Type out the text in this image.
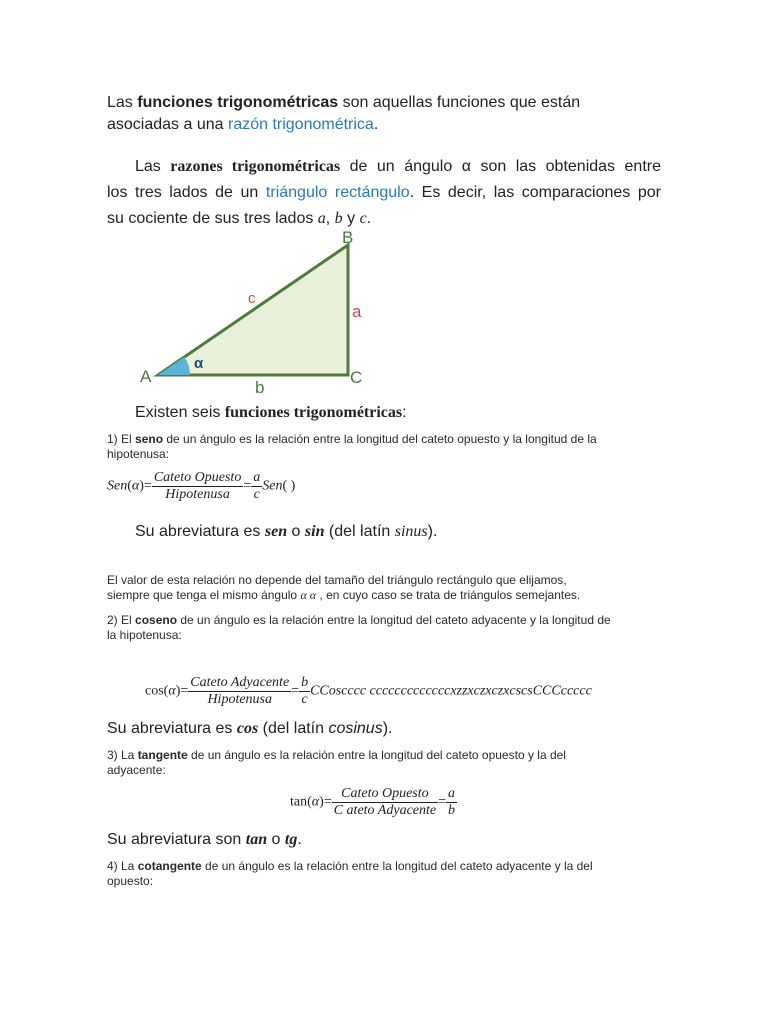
Las funciones trigonométricas son aquellas funciones que están
asociadas a una razón trigonométrica.
Las razones trigonométricas de un ángulo α son las obtenidas entre
los tres lados de un triángulo rectángulo. Es decir, las comparaciones por
su cociente de sus tres lados a, b y c.
A
B
C
a
b
c
α
Existen seis funciones trigonométricas:
1) El seno de un ángulo es la relación entre la longitud del cateto opuesto y la longitud de la
hipotenusa:
$Sen(\alpha)= \frac{\text{Cateto Opuesto}}{\text{Hipotenusa}} = \frac{a}{c} Sen$( )
Su abreviatura es sen o sin (del latín sinus).
El valor de esta relación no depende del tamaño del triángulo rectángulo que elijamos,
siempre que tenga el mismo ángulo α α , en cuyo caso se trata de triángulos semejantes.
2) El coseno de un ángulo es la relación entre la longitud del cateto adyacente y la longitud de
la hipotenusa:
$\cos(\alpha)= \frac{\text{Cateto Adyacente}}{\text{Hipotenusa}} = \frac{b}{c}$ CCoscccc cccccccccccccxzzxczxczxcscsCCCccccc
Su abreviatura es cos (del latín cosinus).
3) La tangente de un ángulo es la relación entre la longitud del cateto opuesto y la del
adyacente:
$\tan(\alpha)= \frac{\text{Cateto Opuesto}}{\text{C ateto Adyacente}} = \frac{a}{b}$
Su abreviatura son tan o tg.
4) La cotangente de un ángulo es la relación entre la longitud del cateto adyacente y la del
opuesto:
